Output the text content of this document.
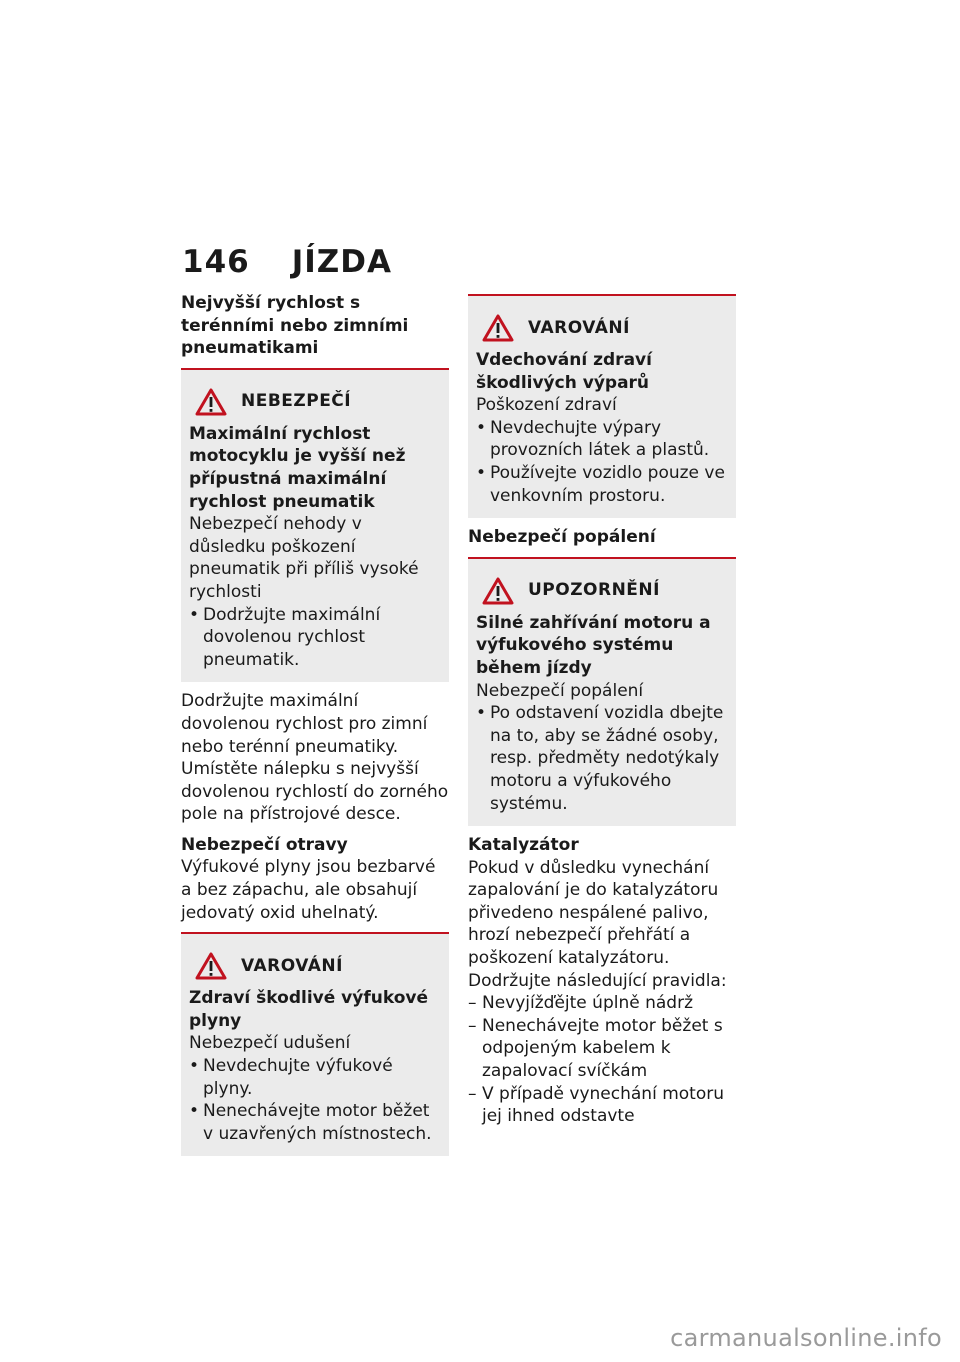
146 JÍZDA
Nejvyšší rychlost s terénními nebo zimními pneumatikami
NEBEZPEČÍ
Maximální rychlost motocyklu je vyšší než přípustná maximální rychlost pneumatik
Nebezpečí nehody v důsledku poškození pneumatik při příliš vysoké rychlosti
• Dodržujte maximální dovolenou rychlost pneumatik.
Dodržujte maximální dovolenou rychlost pro zimní nebo terénní pneumatiky.
Umístěte nálepku s nejvyšší dovolenou rychlostí do zorného pole na přístrojové desce.
Nebezpečí otravy
Výfukové plyny jsou bezbarvé a bez zápachu, ale obsahují jedovatý oxid uhelnatý.
VAROVÁNÍ
Zdraví škodlivé výfukové plyny
Nebezpečí udušení
• Nevdechujte výfukové plyny.
• Nenechávejte motor běžet v uzavřených místnostech.
VAROVÁNÍ
Vdechování zdraví škodlivých výparů
Poškození zdraví
• Nevdechujte výpary provozních látek a plastů.
• Používejte vozidlo pouze ve venkovním prostoru.
Nebezpečí popálení
UPOZORNĚNÍ
Silné zahřívání motoru a výfukového systému během jízdy
Nebezpečí popálení
• Po odstavení vozidla dbejte na to, aby se žádné osoby, resp. předměty nedotýkaly motoru a výfukového systému.
Katalyzátor
Pokud v důsledku vynechání zapalování je do katalyzátoru přivedeno nespálené palivo, hrozí nebezpečí přehřátí a poškození katalyzátoru.
Dodržujte následující pravidla:
– Nevyjížďějte úplně nádrž
– Nenechávejte motor běžet s odpojeným kabelem k zapalovací svíčkám
– V případě vynechání motoru jej ihned odstavte
carmanualsonline.info
